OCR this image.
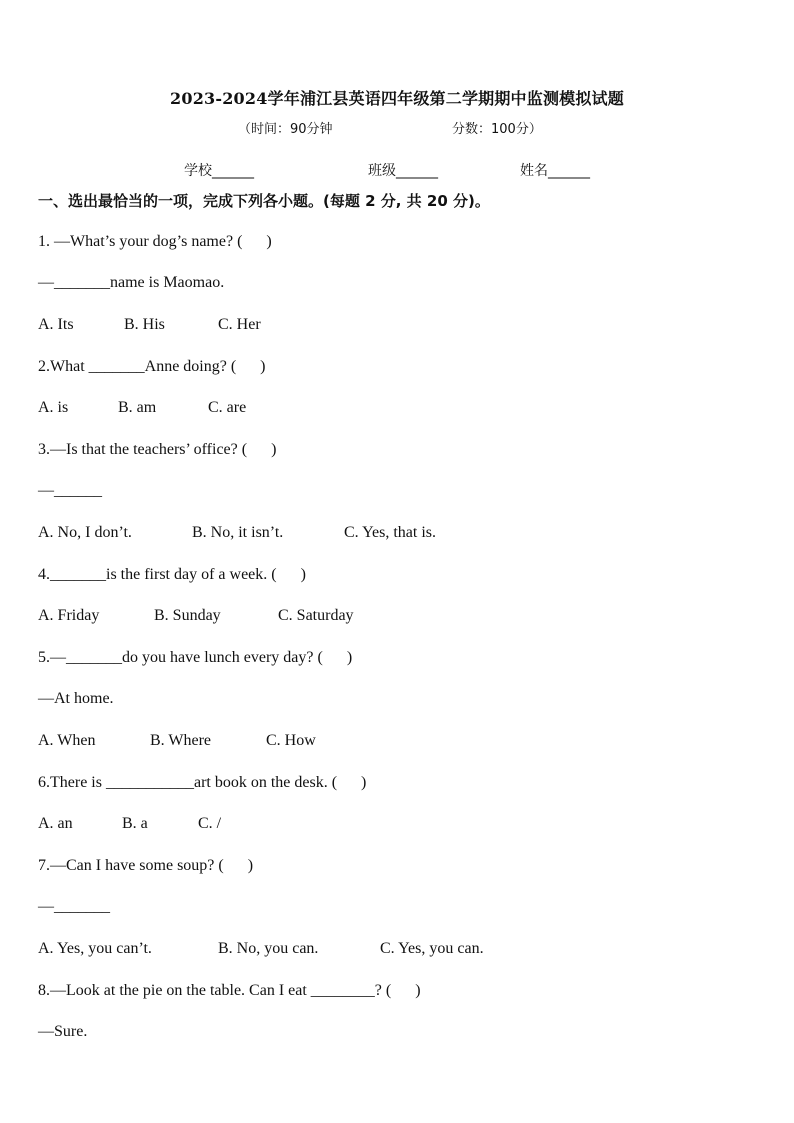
2023-2024学年浦江县英语四年级第二学期期中监测模拟试题
（时间：90分钟	分数：100分）
学校______	班级______	姓名______
一、选出最恰当的一项，完成下列各小题。(每题 2 分, 共 20 分)。
1. —What’s your dog’s name? (      )
—_______name is Maomao.
A. Its	B. His	C. Her
2.What _______Anne doing? (      )
A. is	B. am	C. are
3.—Is that the teachers’ office? (      )
—______
A. No, I don’t.	B. No, it isn’t.	C. Yes, that is.
4._______is the first day of a week. (      )
A. Friday	B. Sunday	C. Saturday
5.—_______do you have lunch every day? (      )
—At home.
A. When	B. Where	C. How
6.There is ___________art book on the desk. (      )
A. an	B. a	C. /
7.—Can I have some soup? (      )
—_______
A. Yes, you can’t.	B. No, you can.	C. Yes, you can.
8.—Look at the pie on the table. Can I eat ________? (      )
—Sure.
